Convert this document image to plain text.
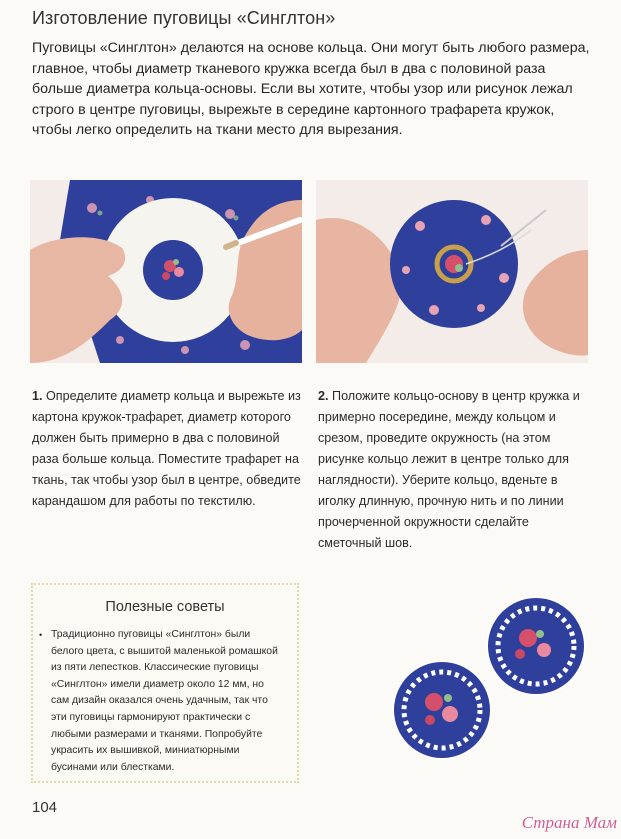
Изготовление пуговицы «Синглтон»
Пуговицы «Синглтон» делаются на основе кольца. Они могут быть любого размера, главное, чтобы диаметр тканевого кружка всегда был в два с половиной раза больше диаметра кольца-основы. Если вы хотите, чтобы узор или рисунок лежал строго в центре пуговицы, вырежьте в середине картонного трафарета кружок, чтобы легко определить на ткани место для вырезания.
1. Определите диаметр кольца и вырежьте из картона кружок-трафарет, диаметр которого должен быть примерно в два с половиной раза больше кольца. Поместите трафарет на ткань, так чтобы узор был в центре, обведите карандашом для работы по текстилю.
2. Положите кольцо-основу в центр кружка и примерно посередине, между кольцом и срезом, проведите окружность (на этом рисунке кольцо лежит в центре только для наглядности). Уберите кольцо, вденьте в иголку длинную, прочную нить и по линии прочерченной окружности сделайте сметочный шов.
Полезные советы
• Традиционно пуговицы «Синглтон» были белого цвета, с вышитой маленькой ромашкой из пяти лепестков. Классические пуговицы «Синглтон» имели диаметр около 12 мм, но сам дизайн оказался очень удачным, так что эти пуговицы гармонируют практически с любыми размерами и тканями. Попробуйте украсить их вышивкой, миниатюрными бусинами или блестками.
104
Страна Мам
